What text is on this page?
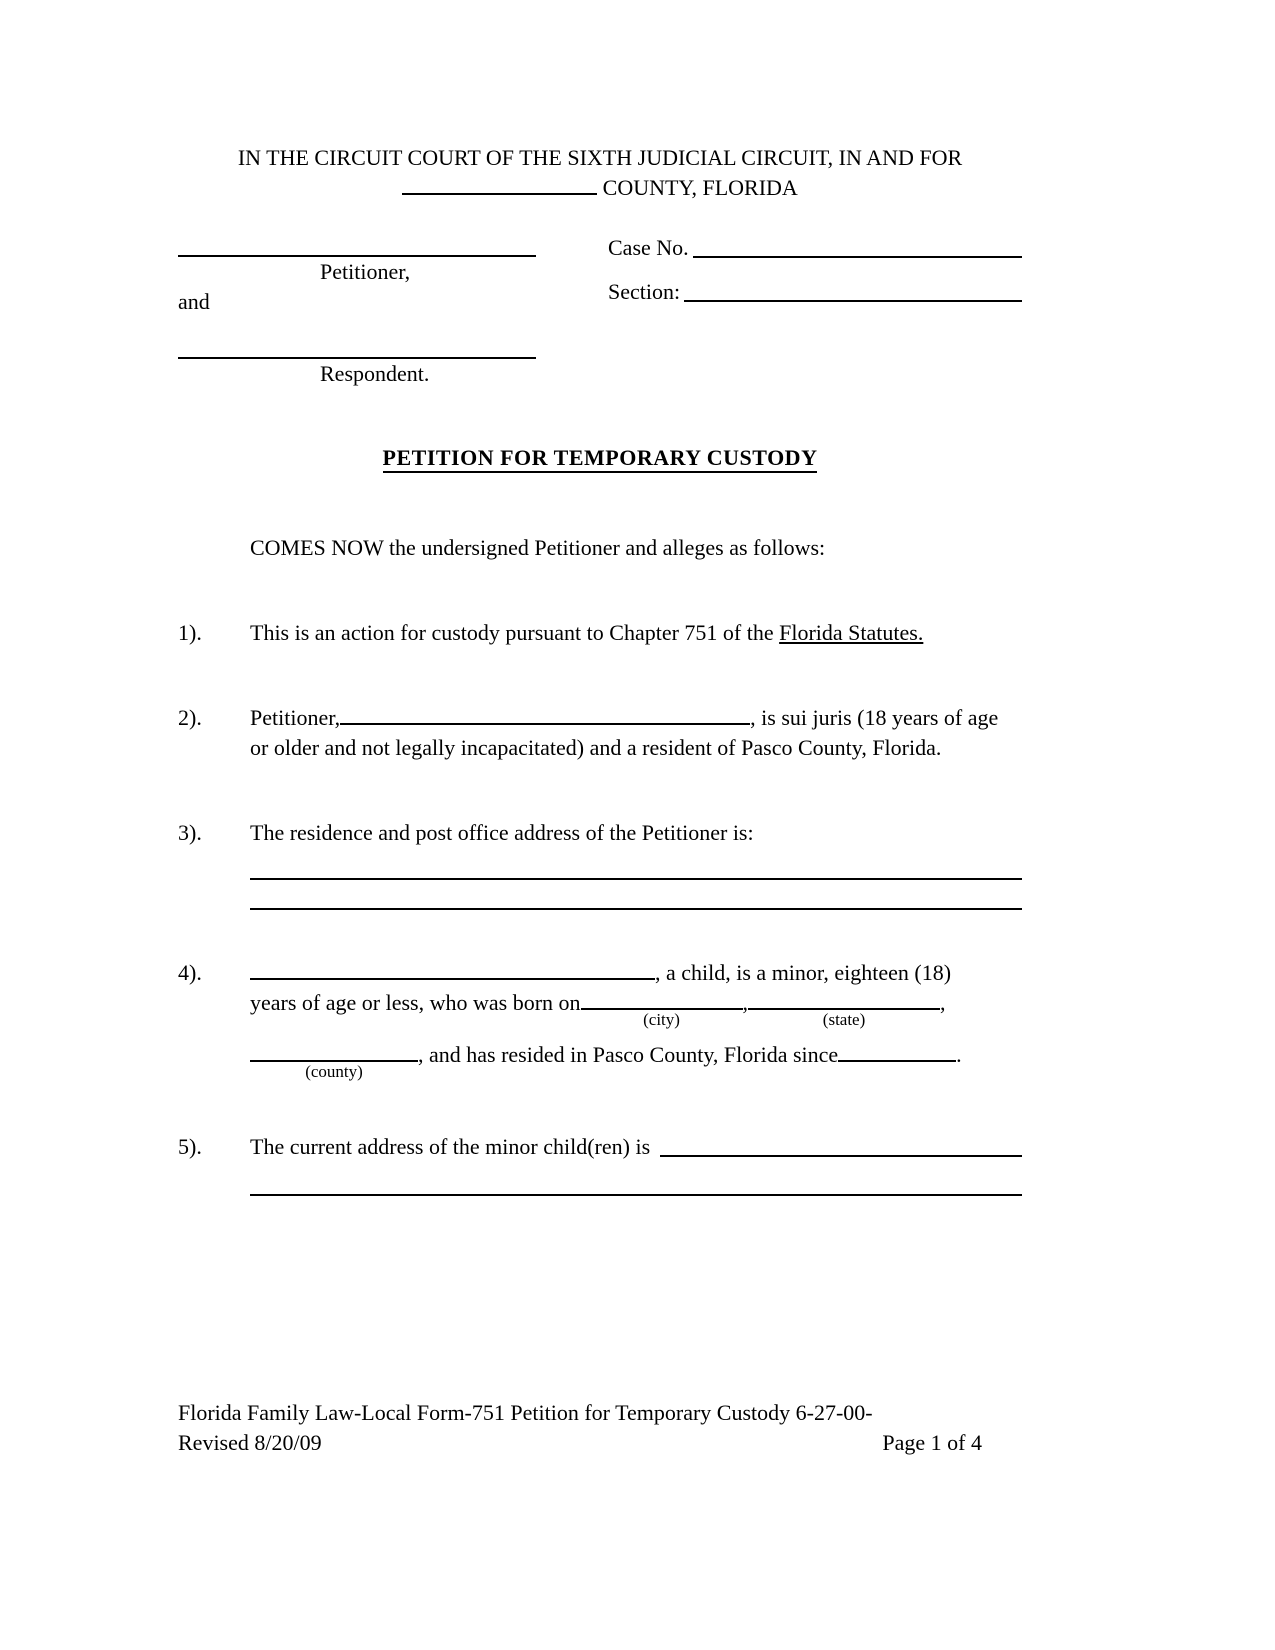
IN THE CIRCUIT COURT OF THE SIXTH JUDICIAL CIRCUIT, IN AND FOR
COUNTY, FLORIDA
Petitioner,
and
Respondent.
Case No.
Section:
PETITION FOR TEMPORARY CUSTODY
COMES NOW the undersigned Petitioner and alleges as follows:
1).	This is an action for custody pursuant to Chapter 751 of the Florida Statutes.
2).	Petitioner,	, is sui juris (18 years of age or older and not legally incapacitated) and a resident of Pasco County, Florida.
3).	The residence and post office address of the Petitioner is:
4).	, a child, is a minor, eighteen (18)
years of age or less, who was born on
(city)
,
(state)
,
(county)
, and has resided in Pasco County, Florida since	.
5).	The current address of the minor child(ren) is
Florida Family Law-Local Form-751 Petition for Temporary Custody 6-27-00-
Revised 8/20/09	Page 1 of 4
